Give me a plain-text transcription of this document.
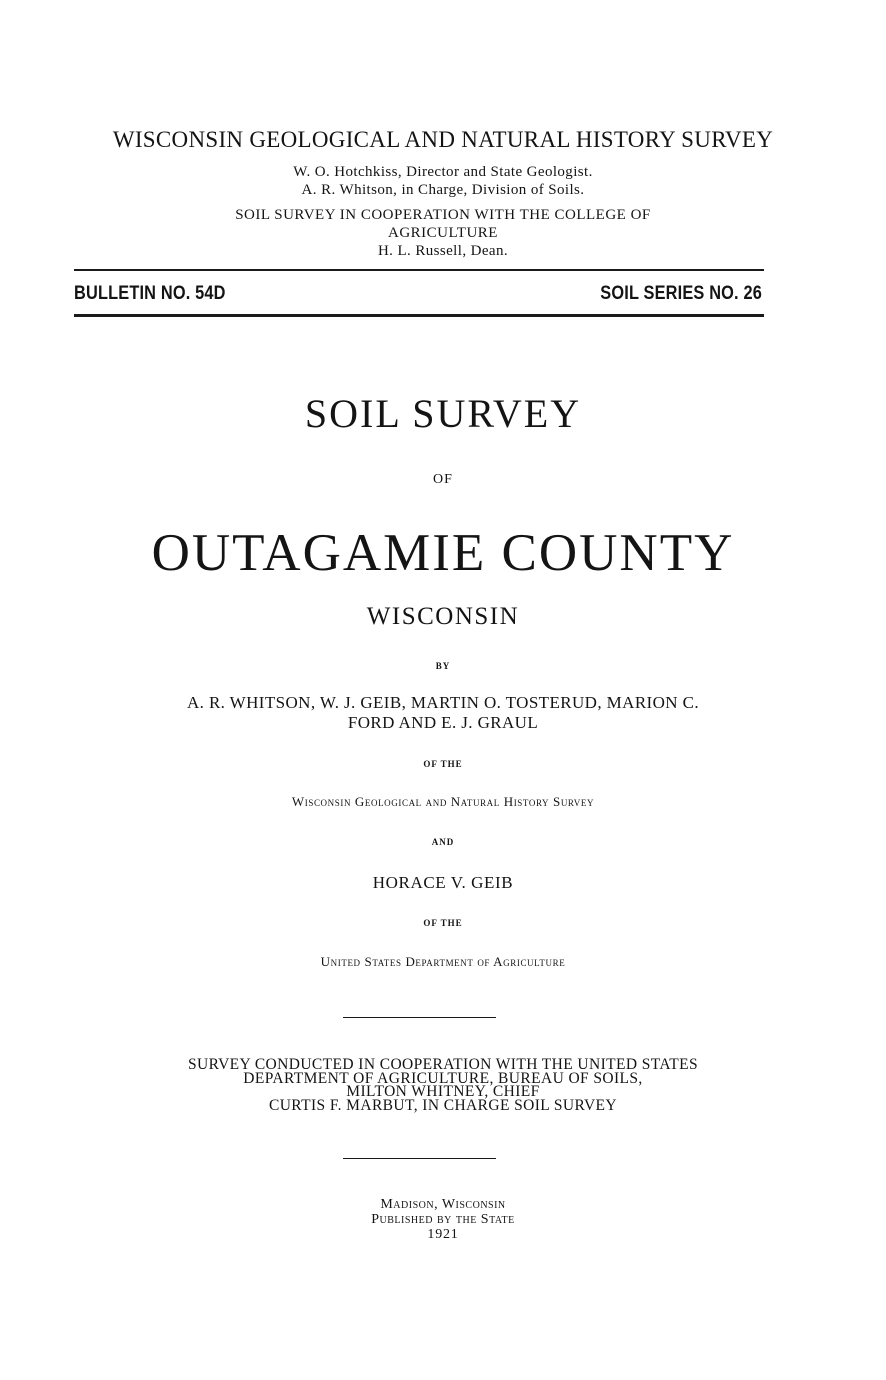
WISCONSIN GEOLOGICAL AND NATURAL HISTORY SURVEY
W. O. Hotchkiss, Director and State Geologist.
A. R. Whitson, in Charge, Division of Soils.
SOIL SURVEY IN COOPERATION WITH THE COLLEGE OF
AGRICULTURE
H. L. Russell, Dean.
BULLETIN NO. 54D	SOIL SERIES NO. 26
SOIL SURVEY
OF
OUTAGAMIE COUNTY
WISCONSIN
BY
A. R. WHITSON, W. J. GEIB, MARTIN O. TOSTERUD, MARION C.
FORD AND E. J. GRAUL
OF THE
Wisconsin Geological and Natural History Survey
AND
HORACE V. GEIB
OF THE
United States Department of Agriculture
SURVEY CONDUCTED IN COOPERATION WITH THE UNITED STATES
DEPARTMENT OF AGRICULTURE, BUREAU OF SOILS,
MILTON WHITNEY, CHIEF
CURTIS F. MARBUT, IN CHARGE SOIL SURVEY
Madison, Wisconsin
Published by the State
1921
